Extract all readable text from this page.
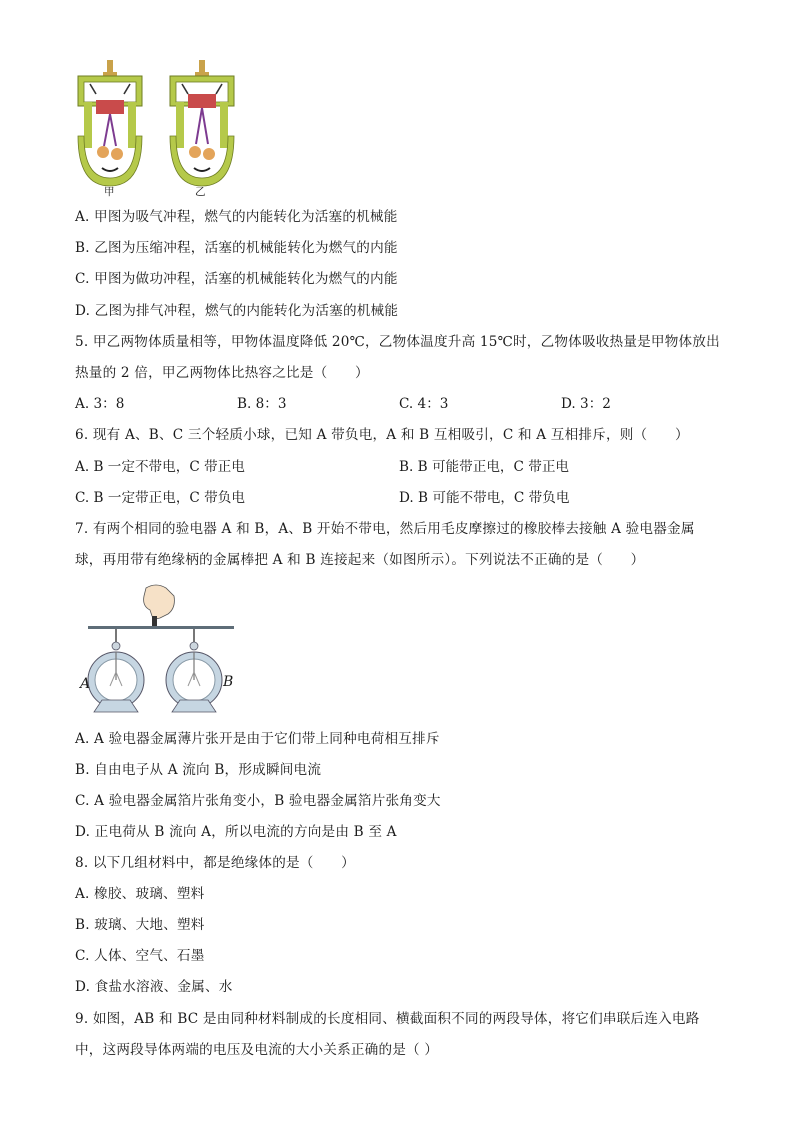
甲	乙
A. 甲图为吸气冲程，燃气的内能转化为活塞的机械能
B. 乙图为压缩冲程，活塞的机械能转化为燃气的内能
C. 甲图为做功冲程，活塞的机械能转化为燃气的内能
D. 乙图为排气冲程，燃气的内能转化为活塞的机械能
5. 甲乙两物体质量相等，甲物体温度降低 20℃，乙物体温度升高 15℃时，乙物体吸收热量是甲物体放出
热量的 2 倍，甲乙两物体比热容之比是（　　）
A. 3：8	B. 8：3	C. 4：3	D. 3：2
6. 现有 A、B、C 三个轻质小球，已知 A 带负电，A 和 B 互相吸引，C 和 A 互相排斥，则（　　）
A. B 一定不带电，C 带正电	B. B 可能带正电，C 带正电
C. B 一定带正电，C 带负电	D. B 可能不带电，C 带负电
7. 有两个相同的验电器 A 和 B，A、B 开始不带电，然后用毛皮摩擦过的橡胶棒去接触 A 验电器金属
球，再用带有绝缘柄的金属棒把 A 和 B 连接起来（如图所示）。下列说法不正确的是（　　）
A	B
A. A 验电器金属薄片张开是由于它们带上同种电荷相互排斥
B. 自由电子从 A 流向 B，形成瞬间电流
C. A 验电器金属箔片张角变小，B 验电器金属箔片张角变大
D. 正电荷从 B 流向 A，所以电流的方向是由 B 至 A
8. 以下几组材料中，都是绝缘体的是（　　）
A. 橡胶、玻璃、塑料
B. 玻璃、大地、塑料
C. 人体、空气、石墨
D. 食盐水溶液、金属、水
9. 如图，AB 和 BC 是由同种材料制成的长度相同、横截面积不同的两段导体，将它们串联后连入电路
中，这两段导体两端的电压及电流的大小关系正确的是（ ）
